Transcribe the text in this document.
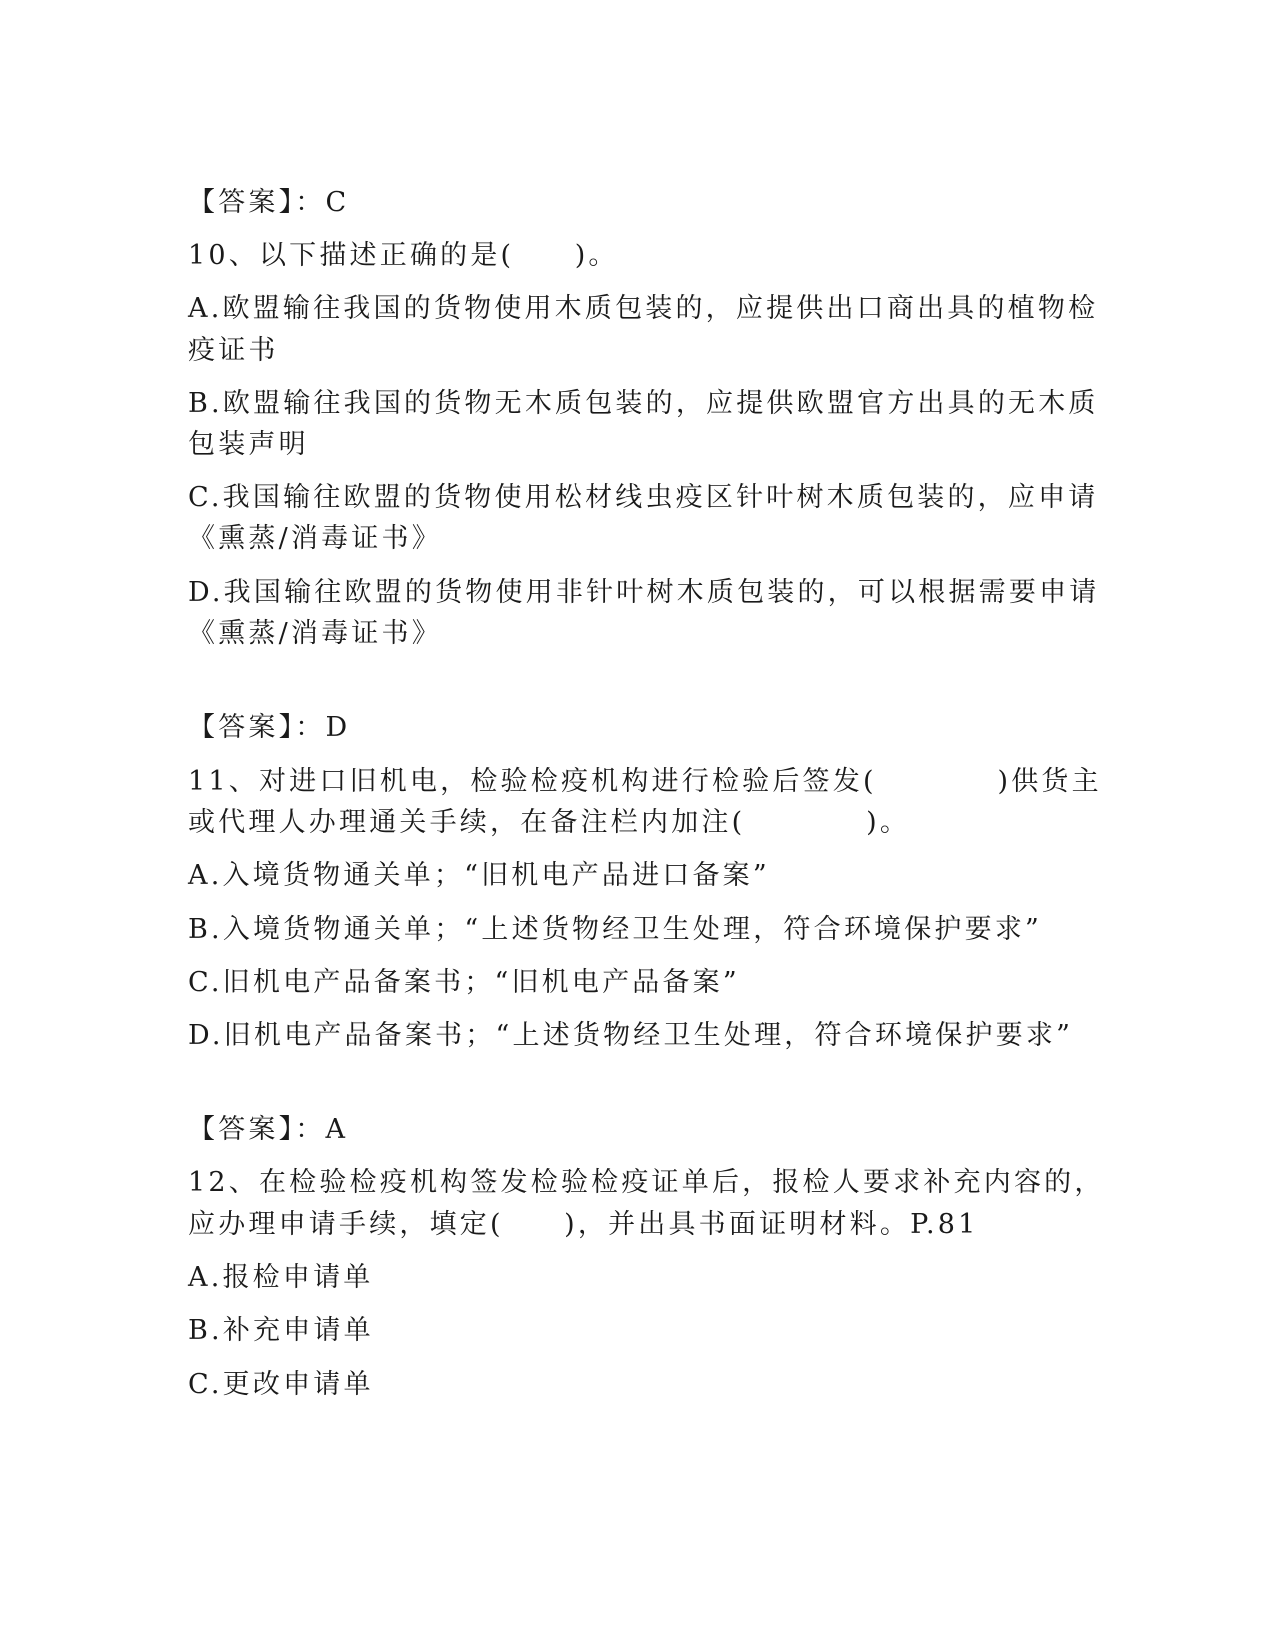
【答案】：C
10、以下描述正确的是(　　)。
A.欧盟输往我国的货物使用木质包装的，应提供出口商出具的植物检
疫证书
B.欧盟输往我国的货物无木质包装的，应提供欧盟官方出具的无木质
包装声明
C.我国输往欧盟的货物使用松材线虫疫区针叶树木质包装的，应申请
《熏蒸/消毒证书》
D.我国输往欧盟的货物使用非针叶树木质包装的，可以根据需要申请
《熏蒸/消毒证书》
【答案】：D
11、对进口旧机电，检验检疫机构进行检验后签发(　　　　)供货主
或代理人办理通关手续，在备注栏内加注(　　　　)。
A.入境货物通关单；“旧机电产品进口备案”
B.入境货物通关单；“上述货物经卫生处理，符合环境保护要求”
C.旧机电产品备案书；“旧机电产品备案”
D.旧机电产品备案书；“上述货物经卫生处理，符合环境保护要求”
【答案】：A
12、在检验检疫机构签发检验检疫证单后，报检人要求补充内容的，
应办理申请手续，填定(　　)，并出具书面证明材料。P.81
A.报检申请单
B.补充申请单
C.更改申请单
